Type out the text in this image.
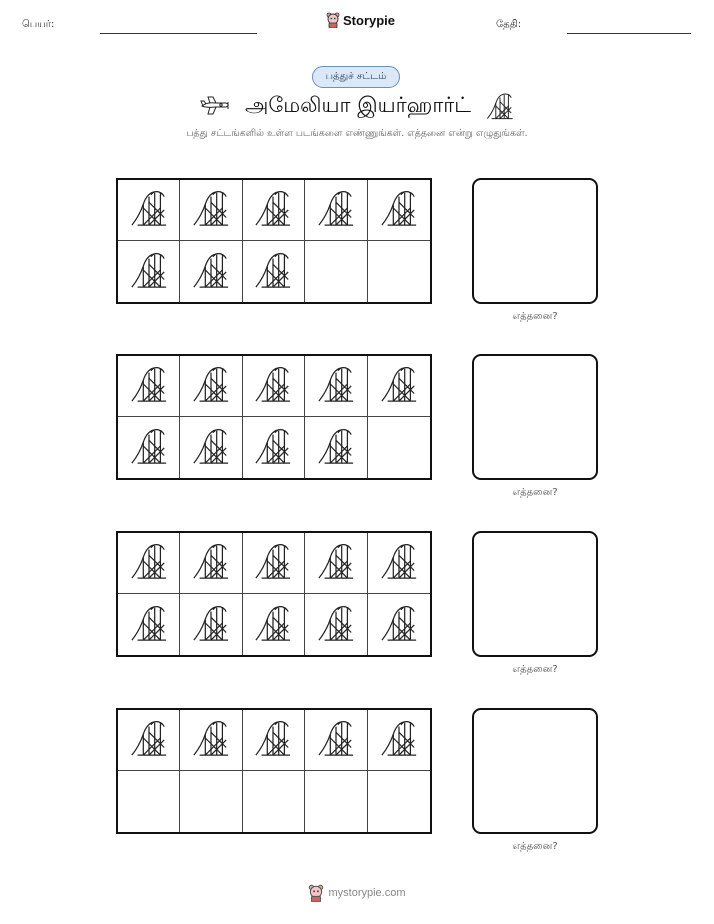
பெயர்:	Storypie	தேதி:
பத்துச் சட்டம்
அமேலியா இயர்ஹார்ட்
பத்து சட்டங்களில் உள்ள படங்களை எண்ணுங்கள். எத்தனை என்று எழுதுங்கள்.
எத்தனை?
எத்தனை?
எத்தனை?
எத்தனை?
mystorypie.com
